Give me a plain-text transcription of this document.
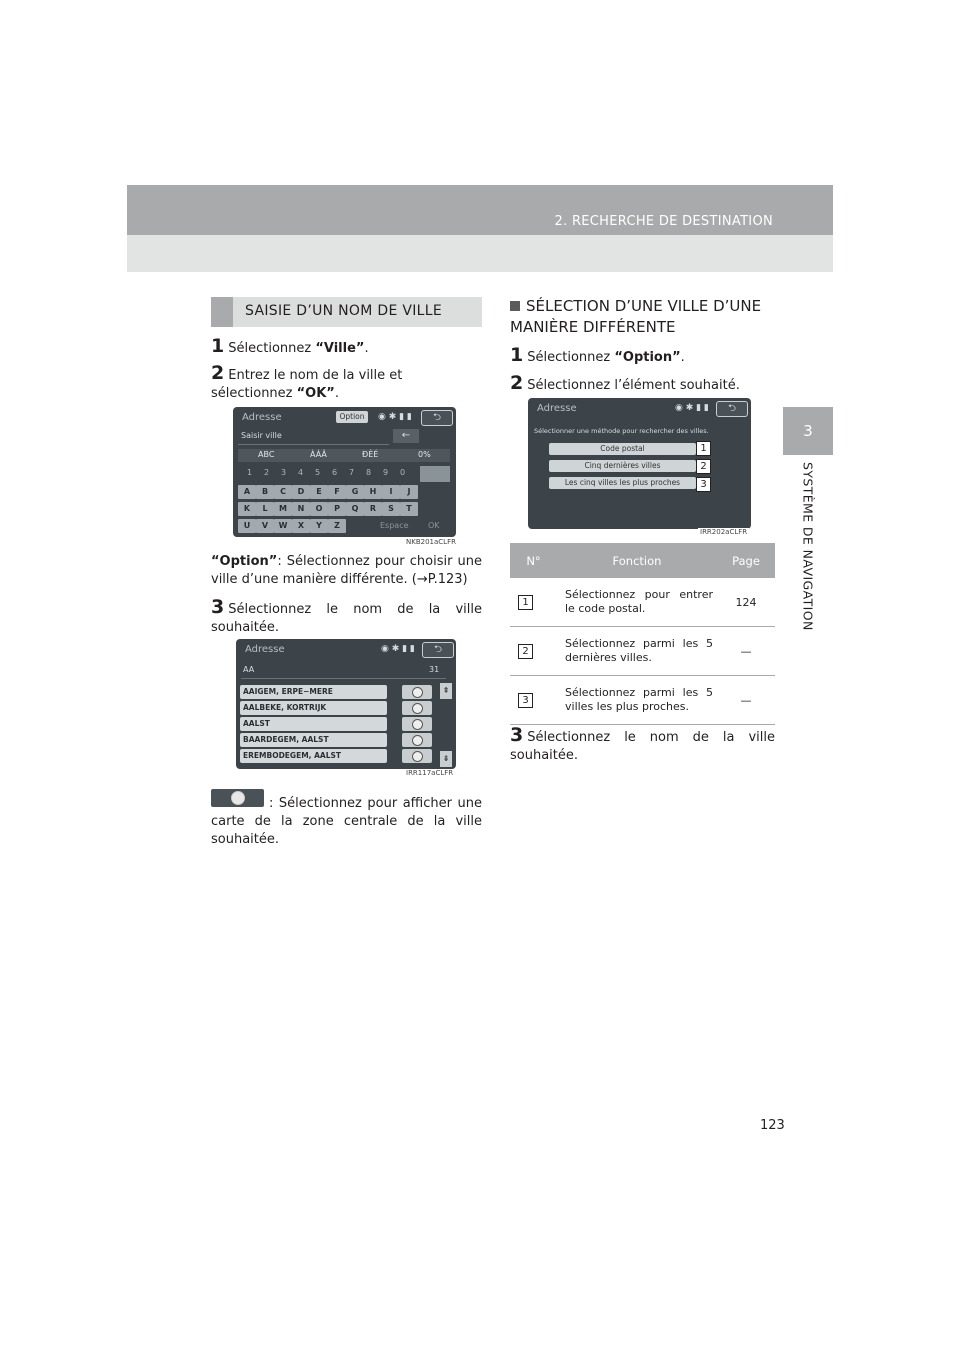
2. RECHERCHE DE DESTINATION
3
SYSTÈME DE NAVIGATION
SAISIE D’UN NOM DE VILLE
1 Sélectionnez “Ville”.
2 Entrez le nom de la ville et sélectionnez “OK”.
Adresse	Option	◉ ✱ ▮ ▮	⮌
Saisir ville	←
ABC	ÀÁÂ	ÐÈÉ	0%
1 2 3 4 5 6 7 8 9 0
A	B	C	D	E	F	G	H	I	J
K	L	M	N	O	P	Q	R	S	T
U	V	W	X	Y	Z	Espace OK
NKB201aCLFR
“Option”: Sélectionnez pour choisir une ville d’une manière différente. (→P.123)
3 Sélectionnez le nom de la ville souhaitée.
Adresse	◉ ✱ ▮ ▮	⮌
AA	31
AAIGEM, ERPE−MERE
AALBEKE, KORTRIJK
AALST
BAARDEGEM, AALST
EREMBODEGEM, AALST
⇞
⇟
IRR117aCLFR
: Sélectionnez pour afficher une carte de la zone centrale de la ville souhaitée.
SÉLECTION D’UNE VILLE D’UNE MANIÈRE DIFFÉRENTE
1 Sélectionnez “Option”.
2 Sélectionnez l’élément souhaité.
Adresse	◉ ✱ ▮ ▮	⮌
Sélectionner une méthode pour rechercher des villes.
Code postal
Cinq dernières villes
Les cinq villes les plus proches
1
2
3
IRR202aCLFR
N°	Fonction	Page
1	Sélectionnez pour entrer le code postal.	124
2	Sélectionnez parmi les 5 dernières villes.	—
3	Sélectionnez parmi les 5 villes les plus proches.	—
3 Sélectionnez le nom de la ville souhaitée.
123
